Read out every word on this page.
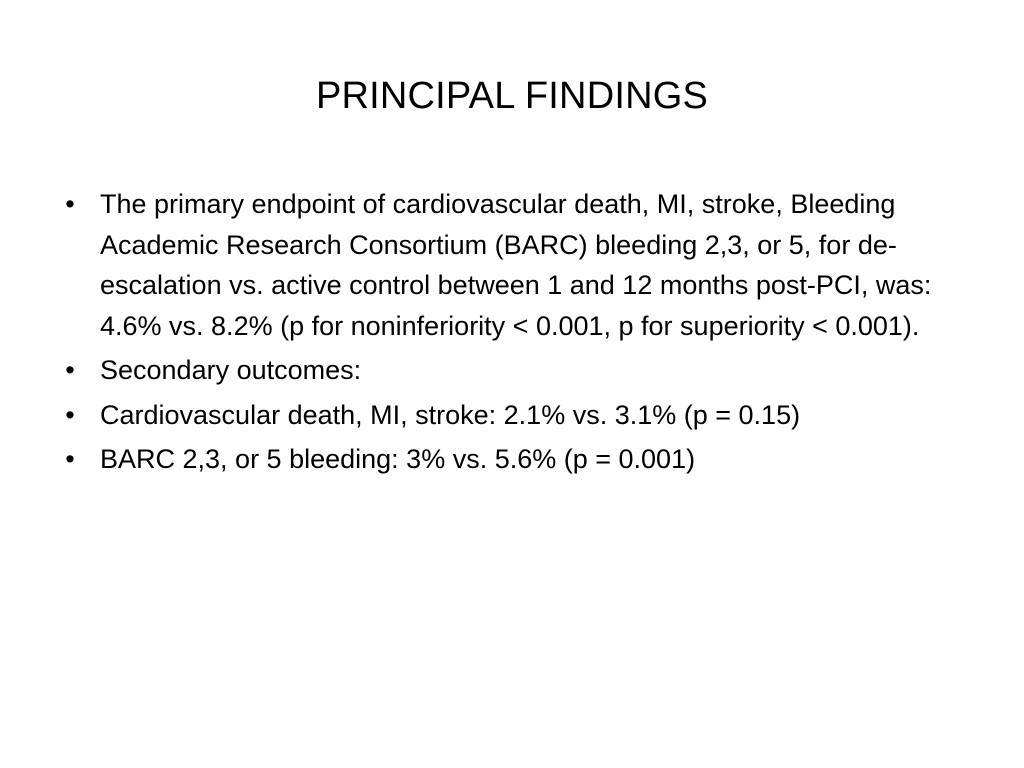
PRINCIPAL FINDINGS
• The primary endpoint of cardiovascular death, MI, stroke, Bleeding Academic Research Consortium (BARC) bleeding 2,3, or 5, for de-escalation vs. active control between 1 and 12 months post-PCI, was: 4.6% vs. 8.2% (p for noninferiority < 0.001, p for superiority < 0.001).
• Secondary outcomes:
• Cardiovascular death, MI, stroke: 2.1% vs. 3.1% (p = 0.15)
• BARC 2,3, or 5 bleeding: 3% vs. 5.6% (p = 0.001)
